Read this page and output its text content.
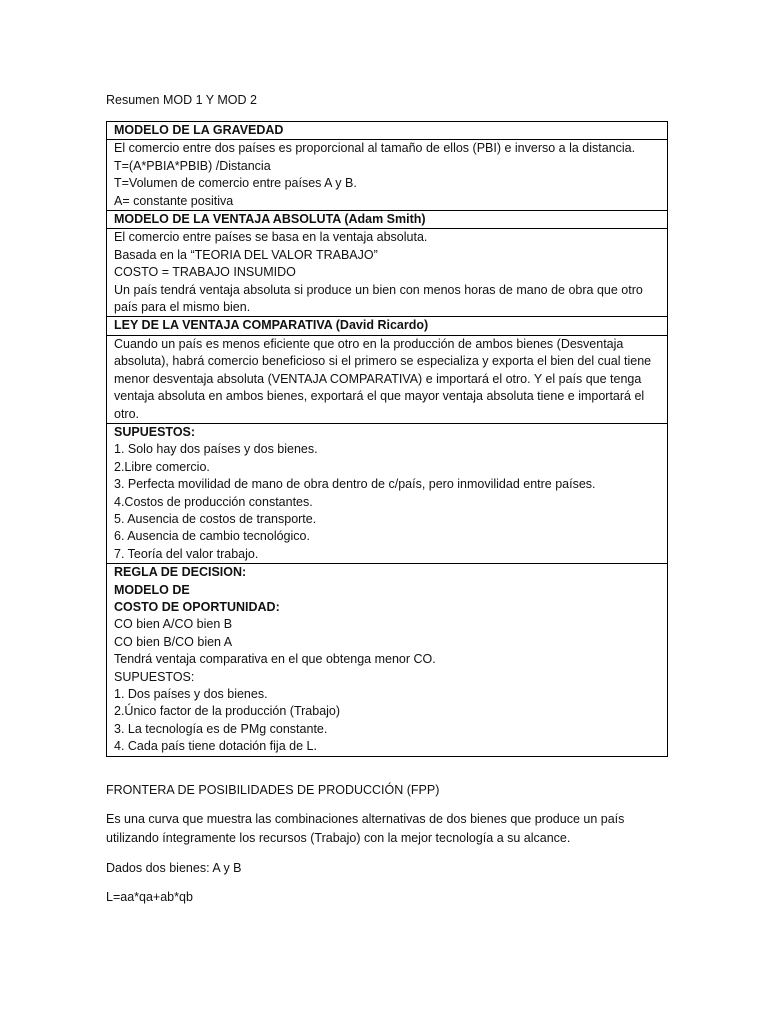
Resumen MOD 1 Y MOD 2
MODELO DE LA GRAVEDAD

El comercio entre dos países es proporcional al tamaño de ellos (PBI) e inverso a la distancia.
T=(A*PBIA*PBIB) /Distancia
T=Volumen de comercio entre países A y B.
A= constante positiva

MODELO DE LA VENTAJA ABSOLUTA (Adam Smith)

El comercio entre países se basa en la ventaja absoluta.
Basada en la “TEORIA DEL VALOR TRABAJO”
COSTO = TRABAJO INSUMIDO
Un país tendrá ventaja absoluta si produce un bien con menos horas de mano de obra que otro país para el mismo bien.

LEY DE LA VENTAJA COMPARATIVA (David Ricardo)

Cuando un país es menos eficiente que otro en la producción de ambos bienes (Desventaja absoluta), habrá comercio beneficioso si el primero se especializa y exporta el bien del cual tiene menor desventaja absoluta (VENTAJA COMPARATIVA) e importará el otro. Y el país que tenga ventaja absoluta en ambos bienes, exportará el que mayor ventaja absoluta tiene e importará el otro.

SUPUESTOS:
1. Solo hay dos países y dos bienes.
2.Libre comercio.
3. Perfecta movilidad de mano de obra dentro de c/país, pero inmovilidad entre países.
4.Costos de producción constantes.
5. Ausencia de costos de transporte.
6. Ausencia de cambio tecnológico.
7. Teoría del valor trabajo.

REGLA DE DECISION:
MODELO DE
COSTO DE OPORTUNIDAD:
CO bien A/CO bien B
CO bien B/CO bien A
Tendrá ventaja comparativa en el que obtenga menor CO.
SUPUESTOS:
1. Dos países y dos bienes.
2.Único factor de la producción (Trabajo)
3. La tecnología es de PMg constante.
4. Cada país tiene dotación fija de L.
FRONTERA DE POSIBILIDADES DE PRODUCCIÓN (FPP)
Es una curva que muestra las combinaciones alternativas de dos bienes que produce un país utilizando íntegramente los recursos (Trabajo) con la mejor tecnología a su alcance.
Dados dos bienes: A y B
L=aa*qa+ab*qb
